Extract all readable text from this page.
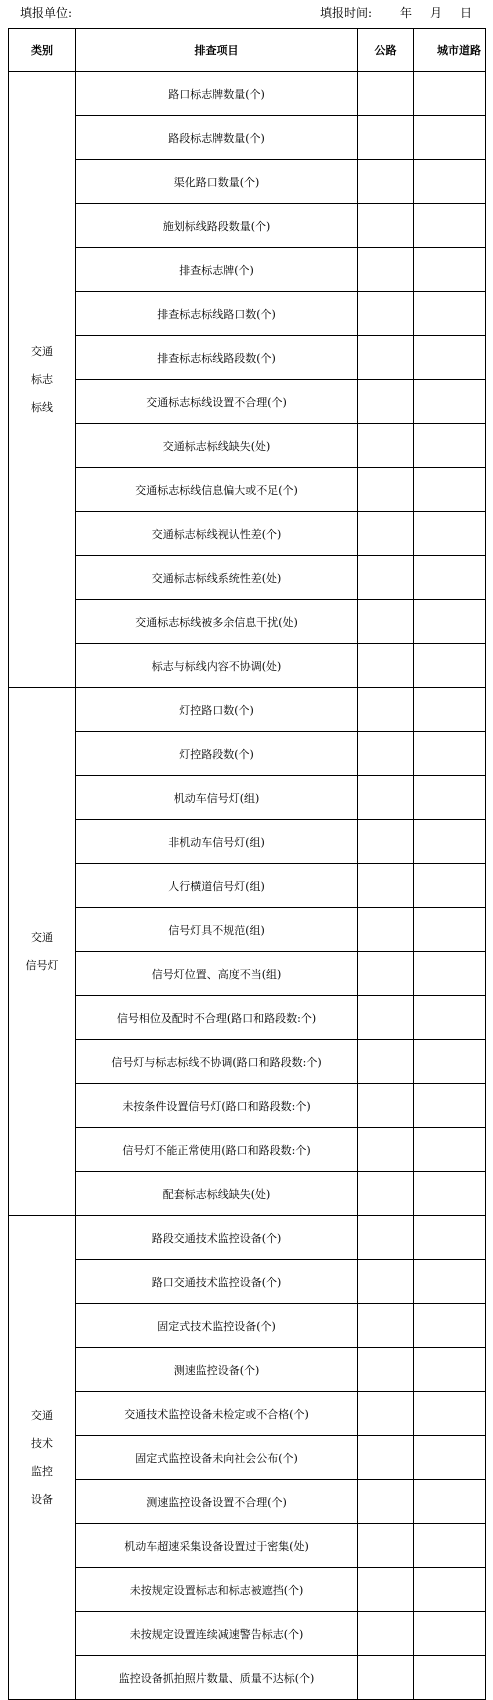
填报单位:	填报时间: 年 月 日
类别	排查项目	公路	城市道路

交通
标志
标线	路口标志牌数量(个)		
	路段标志牌数量(个)		
	渠化路口数量(个)		
	施划标线路段数量(个)		
	排查标志牌(个)		
	排查标志标线路口数(个)		
	排查标志标线路段数(个)		
	交通标志标线设置不合理(个)		
	交通标志标线缺失(处)		
	交通标志标线信息偏大或不足(个)		
	交通标志标线视认性差(个)		
	交通标志标线系统性差(处)		
	交通标志标线被多余信息干扰(处)		
	标志与标线内容不协调(处)		

交通
信号灯	灯控路口数(个)		
	灯控路段数(个)		
	机动车信号灯(组)		
	非机动车信号灯(组)		
	人行横道信号灯(组)		
	信号灯具不规范(组)		
	信号灯位置、高度不当(组)		
	信号相位及配时不合理(路口和路段数:个)		
	信号灯与标志标线不协调(路口和路段数:个)		
	未按条件设置信号灯(路口和路段数:个)		
	信号灯不能正常使用(路口和路段数:个)		
	配套标志标线缺失(处)		

交通
技术
监控
设备	路段交通技术监控设备(个)		
	路口交通技术监控设备(个)		
	固定式技术监控设备(个)		
	测速监控设备(个)		
	交通技术监控设备未检定或不合格(个)		
	固定式监控设备未向社会公布(个)		
	测速监控设备设置不合理(个)		
	机动车超速采集设备设置过于密集(处)		
	未按规定设置标志和标志被遮挡(个)		
	未按规定设置连续减速警告标志(个)		
	监控设备抓拍照片数量、质量不达标(个)		
